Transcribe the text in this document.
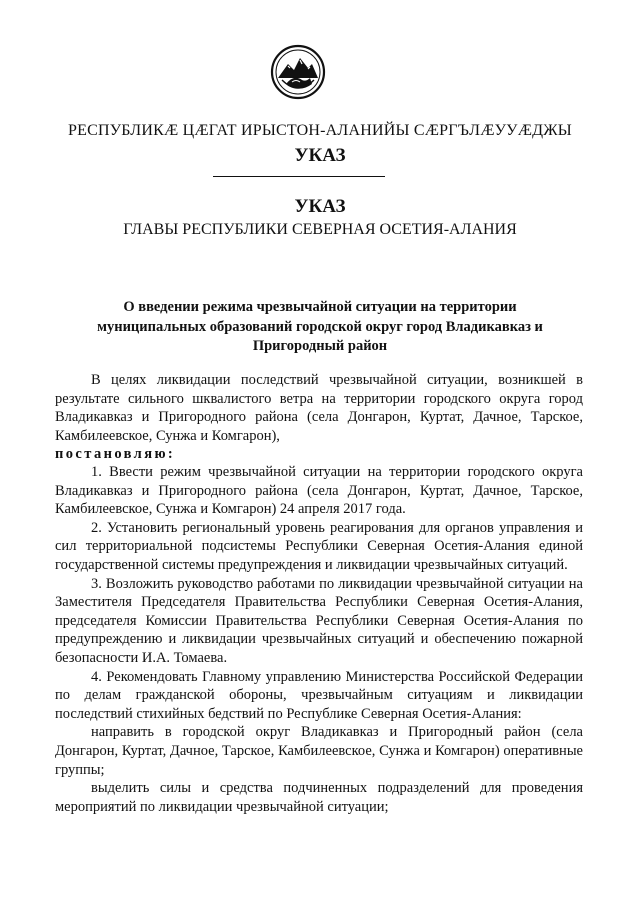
РЕСПУБЛИКÆ ЦÆГАТ ИРЫСТОН-АЛАНИЙЫ СÆРГЪЛÆУУÆДЖЫ
УКАЗ
УКАЗ
ГЛАВЫ РЕСПУБЛИКИ СЕВЕРНАЯ ОСЕТИЯ-АЛАНИЯ
О введении режима чрезвычайной ситуации на территории
муниципальных образований городской округ город Владикавказ и
Пригородный район

В целях ликвидации последствий чрезвычайной ситуации, возникшей в результате сильного шквалистого ветра на территории городского округа город Владикавказ и Пригородного района (села Донгарон, Куртат, Дачное, Тарское, Камбилеевское, Сунжа и Комгарон),

постановляю:

1. Ввести режим чрезвычайной ситуации на территории городского округа Владикавказ и Пригородного района (села Донгарон, Куртат, Дачное, Тарское, Камбилеевское, Сунжа и Комгарон) 24 апреля 2017 года.

2. Установить региональный уровень реагирования для органов управления и сил территориальной подсистемы Республики Северная Осетия-Алания единой государственной системы предупреждения и ликвидации чрезвычайных ситуаций.

3. Возложить руководство работами по ликвидации чрезвычайной ситуации на Заместителя Председателя Правительства Республики Северная Осетия-Алания, председателя Комиссии Правительства Республики Северная Осетия-Алания по предупреждению и ликвидации чрезвычайных ситуаций и обеспечению пожарной безопасности И.А. Томаева.

4. Рекомендовать Главному управлению Министерства Российской Федерации по делам гражданской обороны, чрезвычайным ситуациям и ликвидации последствий стихийных бедствий по Республике Северная Осетия-Алания:

направить в городской округ Владикавказ и Пригородный район (села Донгарон, Куртат, Дачное, Тарское, Камбилеевское, Сунжа и Комгарон) оперативные группы;

выделить силы и средства подчиненных подразделений для проведения мероприятий по ликвидации чрезвычайной ситуации;
